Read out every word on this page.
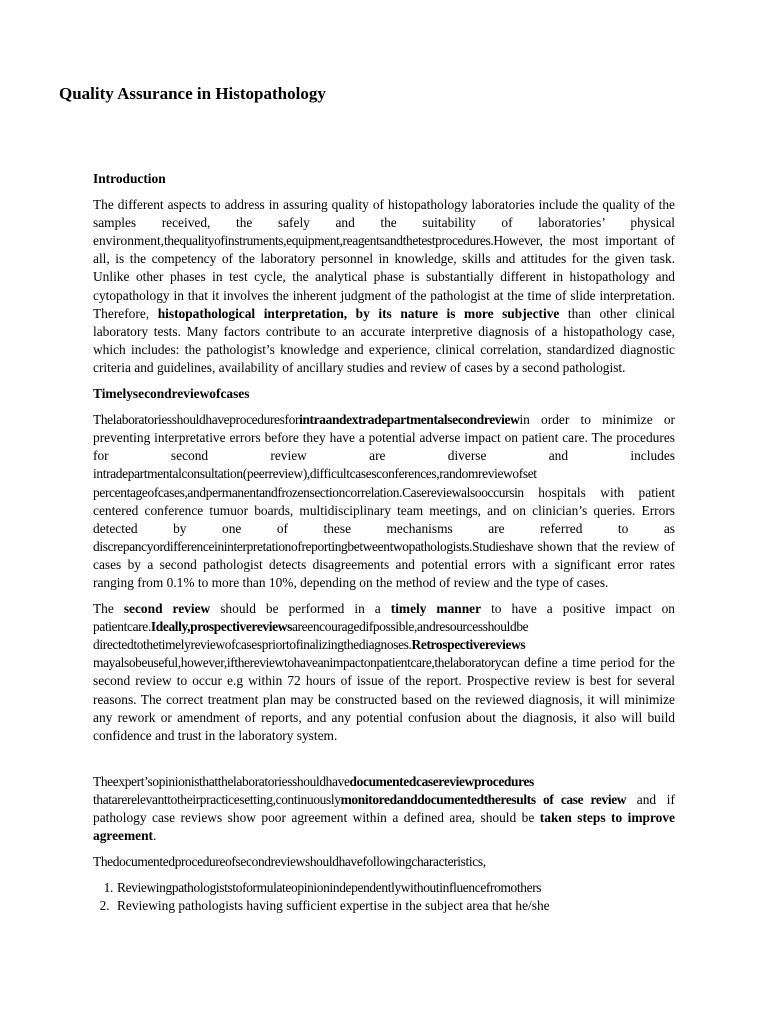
Quality Assurance in Histopathology
Introduction

The different aspects to address in assuring quality of histopathology laboratories include the quality of the samples received, the safely and the suitability of laboratories’ physical environment,thequalityofinstruments,equipment,reagentsandthetestprocedures.However, the most important of all, is the competency of the laboratory personnel in knowledge, skills and attitudes for the given task. Unlike other phases in test cycle, the analytical phase is substantially different in histopathology and cytopathology in that it involves the inherent judgment of the pathologist at the time of slide interpretation. Therefore, histopathological interpretation, by its nature is more subjective than other clinical laboratory tests. Many factors contribute to an accurate interpretive diagnosis of a histopathology case, which includes: the pathologist’s knowledge and experience, clinical correlation, standardized diagnostic criteria and guidelines, availability of ancillary studies and review of cases by a second pathologist.

Timelysecondreviewofcases

Thelaboratoriesshouldhaveproceduresforintraandextradepartmentalsecondreviewin order to minimize or preventing interpretative errors before they have a potential adverse impact on patient care. The procedures for second review are diverse and includes intradepartmentalconsultation(peerreview),difficultcasesconferences,randomreviewofset percentageofcases,andpermanentandfrozensectioncorrelation.Casereviewalsooccursin hospitals with patient centered conference tumuor boards, multidisciplinary team meetings, and on clinician’s queries. Errors detected by one of these mechanisms are referred to as discrepancyordifferenceininterpretationofreportingbetweentwopathologists.Studieshave shown that the review of cases by a second pathologist detects disagreements and potential errors with a significant error rates ranging from 0.1% to more than 10%, depending on the method of review and the type of cases.

The second review should be performed in a timely manner to have a positive impact on patientcare.Ideally,prospectivereviewsareencouragedifpossible,andresourcesshouldbe directedtothetimelyreviewofcasespriortofinalizingthediagnoses.Retrospectivereviews mayalsobeuseful,however,ifthereviewtohaveanimpactonpatientcare,thelaboratorycan define a time period for the second review to occur e.g within 72 hours of issue of the report. Prospective review is best for several reasons. The correct treatment plan may be constructed based on the reviewed diagnosis, it will minimize any rework or amendment of reports, and any potential confusion about the diagnosis, it also will build confidence and trust in the laboratory system.

Theexpert’sopinionisthatthelaboratoriesshouldhavedocumentedcasereviewprocedures thatarerelevanttotheirpracticesetting,continuouslymonitoredanddocumentedtheresults of case review and if pathology case reviews show poor agreement within a defined area, should be taken steps to improve agreement.

Thedocumentedprocedureofsecondreviewshouldhavefollowingcharacteristics,

1. Reviewingpathologiststoformulateopinionindependentlywithoutinfluence from others
2. Reviewing pathologists having sufficient expertise in the subject area that he/she
